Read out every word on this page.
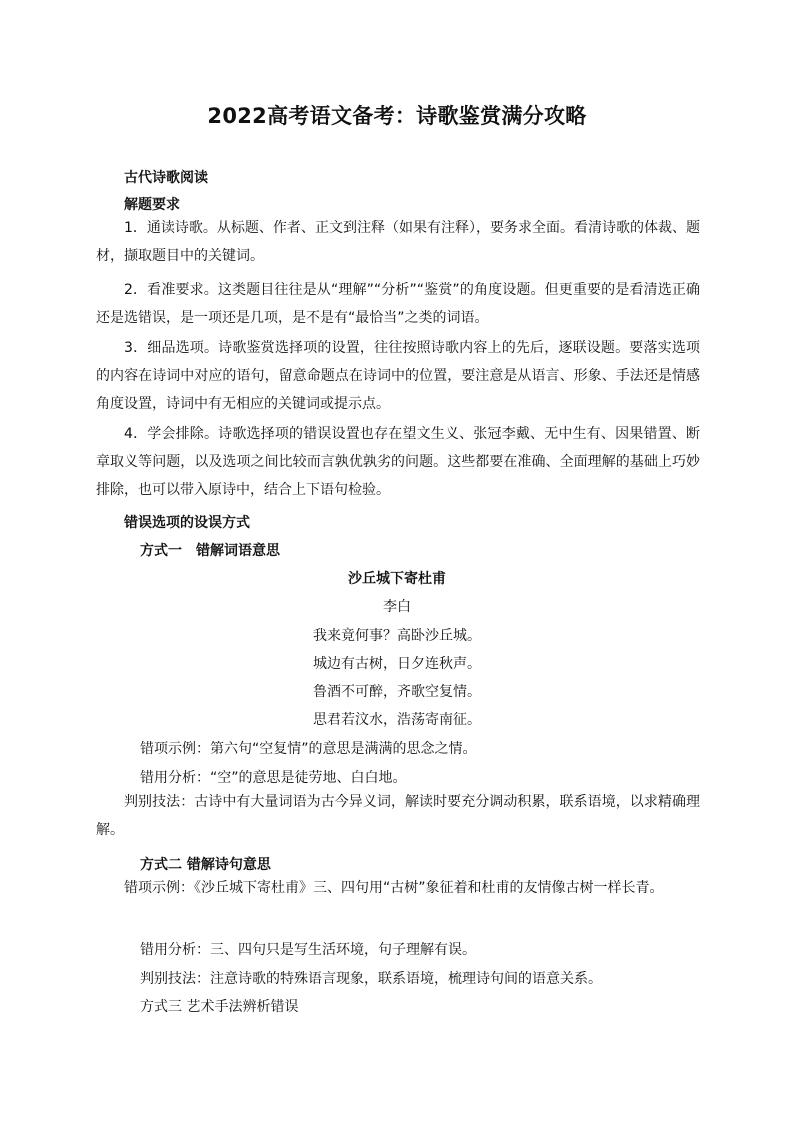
2022高考语文备考：诗歌鉴赏满分攻略
古代诗歌阅读
解题要求
1．通读诗歌。从标题、作者、正文到注释（如果有注释），要务求全面。看清诗歌的体裁、题材，撷取题目中的关键词。
2．看准要求。这类题目往往是从“理解”“分析”“鉴赏”的角度设题。但更重要的是看清选正确还是选错误，是一项还是几项，是不是有“最恰当”之类的词语。
3．细品选项。诗歌鉴赏选择项的设置，往往按照诗歌内容上的先后，逐联设题。要落实选项的内容在诗词中对应的语句，留意命题点在诗词中的位置，要注意是从语言、形象、手法还是情感角度设置，诗词中有无相应的关键词或提示点。
4．学会排除。诗歌选择项的错误设置也存在望文生义、张冠李戴、无中生有、因果错置、断章取义等问题，以及选项之间比较而言孰优孰劣的问题。这些都要在准确、全面理解的基础上巧妙排除，也可以带入原诗中，结合上下语句检验。
错误选项的设误方式
方式一　错解词语意思
沙丘城下寄杜甫
李白
我来竟何事？高卧沙丘城。
城边有古树，日夕连秋声。
鲁酒不可醉，齐歌空复情。
思君若汶水，浩荡寄南征。
错项示例：第六句“空复情”的意思是满满的思念之情。
错用分析：“空”的意思是徒劳地、白白地。
判别技法：古诗中有大量词语为古今异义词，解读时要充分调动积累，联系语境，以求精确理解。
方式二 错解诗句意思
错项示例：《沙丘城下寄杜甫》三、四句用“古树”象征着和杜甫的友情像古树一样长青。
错用分析：三、四句只是写生活环境，句子理解有误。
判别技法：注意诗歌的特殊语言现象，联系语境，梳理诗句间的语意关系。
方式三 艺术手法辨析错误
